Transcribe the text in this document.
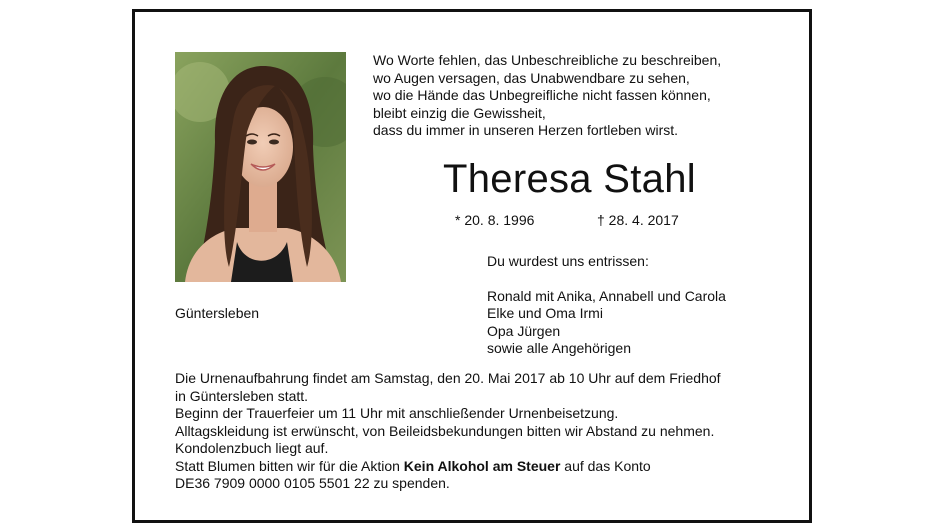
Wo Worte fehlen, das Unbeschreibliche zu beschreiben,
wo Augen versagen, das Unabwendbare zu sehen,
wo die Hände das Unbegreifliche nicht fassen können,
bleibt einzig die Gewissheit,
dass du immer in unseren Herzen fortleben wirst.
Theresa Stahl
* 20. 8. 1996	† 28. 4. 2017
Güntersleben
Du wurdest uns entrissen:
Ronald mit Anika, Annabell und Carola
Elke und Oma Irmi
Opa Jürgen
sowie alle Angehörigen
Die Urnenaufbahrung findet am Samstag, den 20. Mai 2017 ab 10 Uhr auf dem Friedhof
in Güntersleben statt.
Beginn der Trauerfeier um 11 Uhr mit anschließender Urnenbeisetzung.
Alltagskleidung ist erwünscht, von Beileidsbekundungen bitten wir Abstand zu nehmen.
Kondolenzbuch liegt auf.
Statt Blumen bitten wir für die Aktion Kein Alkohol am Steuer auf das Konto
DE36 7909 0000 0105 5501 22 zu spenden.
